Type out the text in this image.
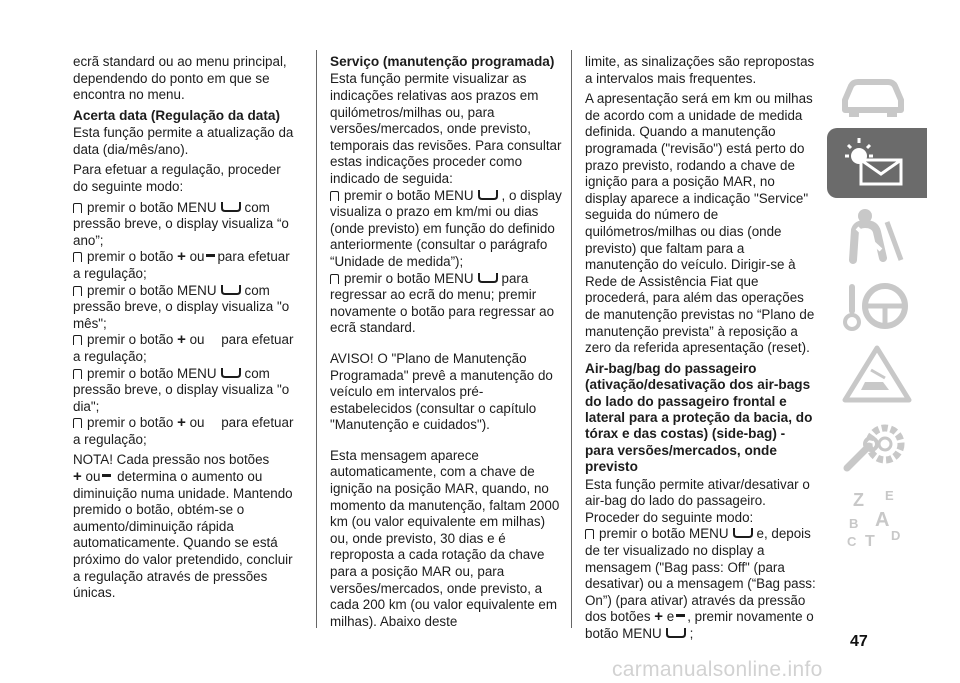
ecrã standard ou ao menu principal, dependendo do ponto em que se encontra no menu.

Acerta data (Regulação da data)

Esta função permite a atualização da data (dia/mês/ano).

Para efetuar a regulação, proceder do seguinte modo:

premir o botão MENU com pressão breve, o display visualiza “o ano”;

premir o botão + ou para efetuar a regulação;

premir o botão MENU com pressão breve, o display visualiza "o mês";

premir o botão + ou para efetuar a regulação;

premir o botão MENU com pressão breve, o display visualiza "o dia";

premir o botão + ou para efetuar a regulação;

NOTA! Cada pressão nos botões
+ ou determina o aumento ou diminuição numa unidade. Mantendo premido o botão, obtém-se o aumento/diminuição rápida automaticamente. Quando se está próximo do valor pretendido, concluir a regulação através de pressões únicas.

Serviço (manutenção programada)

Esta função permite visualizar as indicações relativas aos prazos em quilómetros/milhas ou, para versões/mercados, onde previsto, temporais das revisões. Para consultar estas indicações proceder como indicado de seguida:

premir o botão MENU , o display visualiza o prazo em km/mi ou dias (onde previsto) em função do definido anteriormente (consultar o parágrafo “Unidade de medida”);

premir o botão MENU para regressar ao ecrã do menu; premir novamente o botão para regressar ao ecrã standard.

AVISO! O "Plano de Manutenção Programada" prevê a manutenção do veículo em intervalos pré-estabelecidos (consultar o capítulo "Manutenção e cuidados").

Esta mensagem aparece automaticamente, com a chave de ignição na posição MAR, quando, no momento da manutenção, faltam 2000 km (ou valor equivalente em milhas) ou, onde previsto, 30 dias e é reproposta a cada rotação da chave para a posição MAR ou, para versões/mercados, onde previsto, a cada 200 km (ou valor equivalente em milhas). Abaixo deste

limite, as sinalizações são repropostas a intervalos mais frequentes.

A apresentação será em km ou milhas de acordo com a unidade de medida definida. Quando a manutenção programada ("revisão") está perto do prazo previsto, rodando a chave de ignição para a posição MAR, no display aparece a indicação "Service" seguida do número de quilómetros/milhas ou dias (onde previsto) que faltam para a manutenção do veículo. Dirigir-se à Rede de Assistência Fiat que procederá, para além das operações de manutenção previstas no “Plano de manutenção prevista” à reposição a zero da referida apresentação (reset).

Air-bag/bag do passageiro (ativação/desativação dos air-bags do lado do passageiro frontal e lateral para a proteção da bacia, do tórax e das costas) (side-bag) - para versões/mercados, onde previsto

Esta função permite ativar/desativar o air-bag do lado do passageiro. Proceder do seguinte modo:

premir o botão MENU e, depois de ter visualizado no display a mensagem ("Bag pass: Off" (para desativar) ou a mensagem (“Bag pass: On”) (para ativar) através da pressão dos botões + e , premir novamente o botão MENU ;

Z E
B A
C T D
47
carmanualsonline.info
